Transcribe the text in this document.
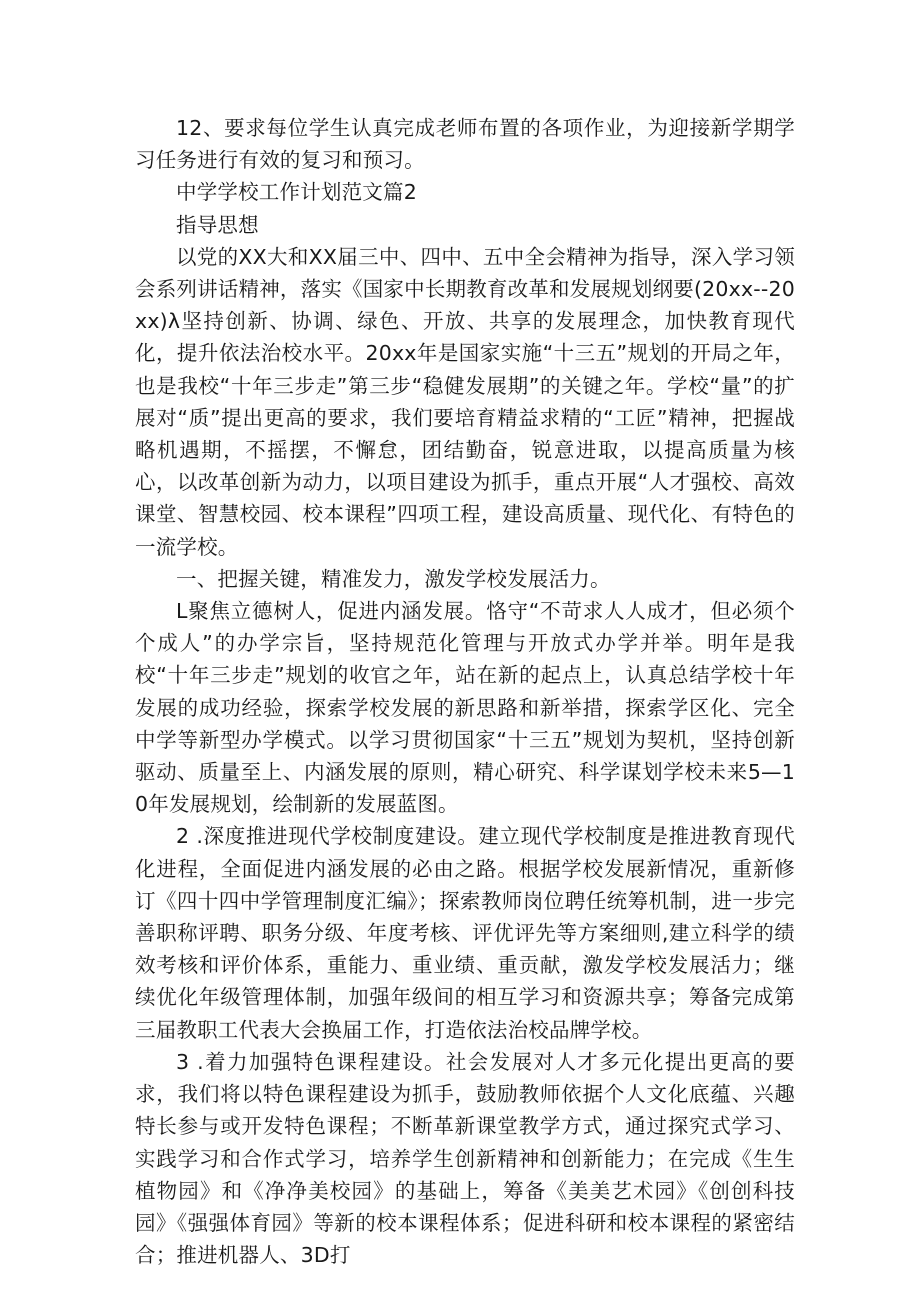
12、要求每位学生认真完成老师布置的各项作业，为迎接新学期学习任务进行有效的复习和预习。

中学学校工作计划范文篇2

指导思想

以党的XX大和XX届三中、四中、五中全会精神为指导，深入学习领会系列讲话精神，落实《国家中长期教育改革和发展规划纲要(20xx--20xx)λ坚持创新、协调、绿色、开放、共享的发展理念，加快教育现代化，提升依法治校水平。20xx年是国家实施“十三五”规划的开局之年，也是我校“十年三步走”第三步“稳健发展期”的关键之年。学校“量”的扩展对“质”提出更高的要求，我们要培育精益求精的“工匠”精神，把握战略机遇期，不摇摆，不懈怠，团结勤奋，锐意进取，以提高质量为核心，以改革创新为动力，以项目建设为抓手，重点开展“人才强校、高效课堂、智慧校园、校本课程”四项工程，建设高质量、现代化、有特色的一流学校。

一、把握关键，精准发力，激发学校发展活力。

L聚焦立德树人，促进内涵发展。恪守“不苛求人人成才，但必须个个成人”的办学宗旨，坚持规范化管理与开放式办学并举。明年是我校“十年三步走”规划的收官之年，站在新的起点上，认真总结学校十年发展的成功经验，探索学校发展的新思路和新举措，探索学区化、完全中学等新型办学模式。以学习贯彻国家“十三五”规划为契机，坚持创新驱动、质量至上、内涵发展的原则，精心研究、科学谋划学校未来5—10年发展规划，绘制新的发展蓝图。

2 .深度推进现代学校制度建设。建立现代学校制度是推进教育现代化进程，全面促进内涵发展的必由之路。根据学校发展新情况，重新修订《四十四中学管理制度汇编》；探索教师岗位聘任统筹机制，进一步完善职称评聘、职务分级、年度考核、评优评先等方案细则,建立科学的绩效考核和评价体系，重能力、重业绩、重贡献，激发学校发展活力；继续优化年级管理体制，加强年级间的相互学习和资源共享；筹备完成第三届教职工代表大会换届工作，打造依法治校品牌学校。

3 .着力加强特色课程建设。社会发展对人才多元化提出更高的要求，我们将以特色课程建设为抓手，鼓励教师依据个人文化底蕴、兴趣特长参与或开发特色课程；不断革新课堂教学方式，通过探究式学习、实践学习和合作式学习，培养学生创新精神和创新能力；在完成《生生植物园》和《净净美校园》的基础上，筹备《美美艺术园》《创创科技园》《强强体育园》等新的校本课程体系；促进科研和校本课程的紧密结合；推进机器人、3D打
